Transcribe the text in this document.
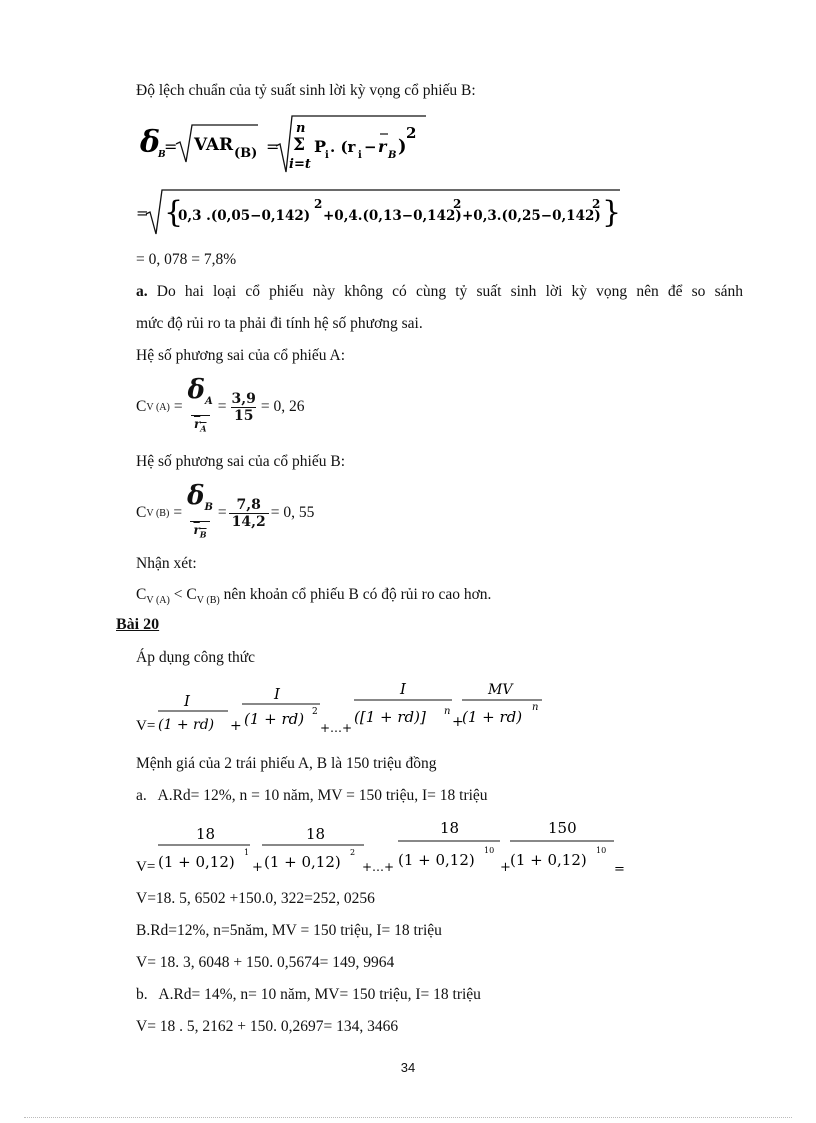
Độ lệch chuẩn của tỷ suất sinh lời kỳ vọng cổ phiếu B:
δ
B
= VAR (B) =
n
Σ
i=t
P
i . (r i − r B )
2
= {
0,3 .(0,05−0,142)
2
+0,4.(0,13−0,142)
2
+0,3.(0,25−0,142)
2 }
= 0, 078 = 7,8%
a. Do hai loại cổ phiếu này không có cùng tỷ suất sinh lời kỳ vọng nên để so sánh
mức độ rủi ro ta phải đi tính hệ số phương sai.
Hệ số phương sai của cổ phiếu A:
C V $(A) = \frac{\delta_A}{r_A} = \frac{3,9}{15} = 0$, 26
Hệ số phương sai của cổ phiếu B:
C V $(B) = \frac{\delta_B}{r_B} = \frac{7,8}{14,2} = 0$, 55
Nhận xét:
$C_{V (A)} < C_{V (B)}$ nên khoản cổ phiếu B có độ rủi ro cao hơn.
Bài 20
Áp dụng công thức
V=
I
(1 + rd) +
I
(1 + rd) 2
+…+
I
([1 + rd)] n
+
MV
(1 + rd)
n
Mệnh giá của 2 trái phiếu A, B là 150 triệu đồng
a.   A.Rd= 12%, n = 10 năm, MV = 150 triệu, I= 18 triệu
V=
18
(1 + 0,12)
1
+
18
(1 + 0,12)
2
+…+
18
(1 + 0,12)
10
+
150
(1 + 0,12)
10
=
V=18. 5, 6502 +150.0, 322=252, 0256
B.Rd=12%, n=5năm, MV = 150 triệu, I= 18 triệu
V= 18. 3, 6048 + 150. 0,5674= 149, 9964
b.   A.Rd= 14%, n= 10 năm, MV= 150 triệu, I= 18 triệu
V= 18 . 5, 2162 + 150. 0,2697= 134, 3466
34
